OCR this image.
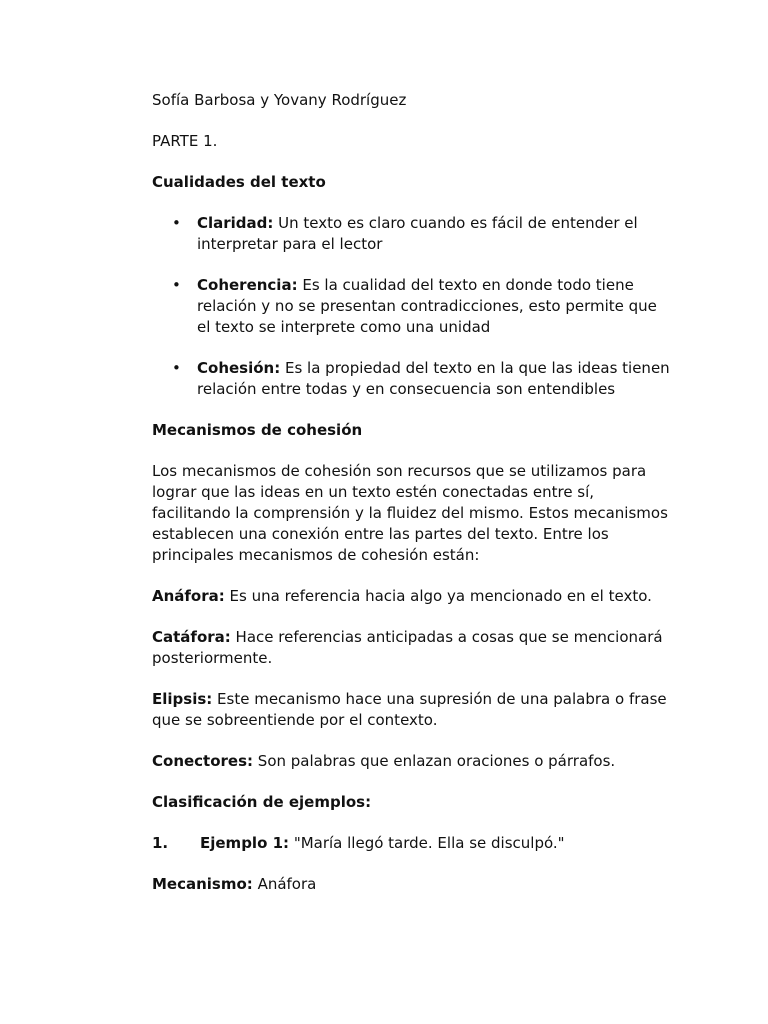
Sofía Barbosa y Yovany Rodríguez

PARTE 1.

Cualidades del texto

• Claridad: Un texto es claro cuando es fácil de entender el interpretar para el lector
• Coherencia: Es la cualidad del texto en donde todo tiene relación y no se presentan contradicciones, esto permite que el texto se interprete como una unidad
• Cohesión: Es la propiedad del texto en la que las ideas tienen relación entre todas y en consecuencia son entendibles

Mecanismos de cohesión

Los mecanismos de cohesión son recursos que se utilizamos para lograr que las ideas en un texto estén conectadas entre sí, facilitando la comprensión y la fluidez del mismo. Estos mecanismos establecen una conexión entre las partes del texto. Entre los principales mecanismos de cohesión están:

Anáfora: Es una referencia hacia algo ya mencionado en el texto.

Catáfora: Hace referencias anticipadas a cosas que se mencionará posteriormente.

Elipsis: Este mecanismo hace una supresión de una palabra o frase que se sobreentiende por el contexto.

Conectores: Son palabras que enlazan oraciones o párrafos.

Clasificación de ejemplos:

1. Ejemplo 1: "María llegó tarde. Ella se disculpó."

Mecanismo: Anáfora
